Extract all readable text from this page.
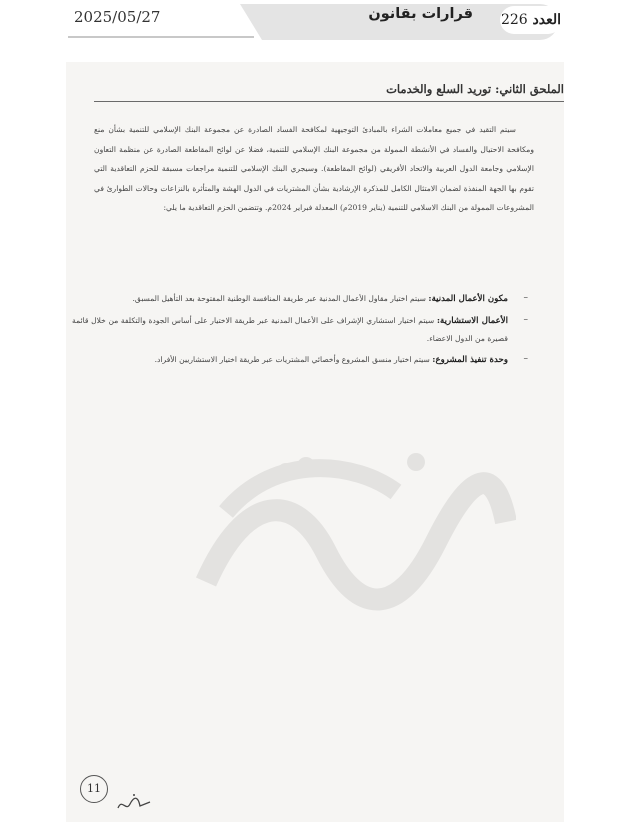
2025/05/27	قرارات بقانون	العدد 226
الملحق الثاني: توريد السلع والخدمات

سيتم التقيد في جميع معاملات الشراء بالمبادئ التوجيهية لمكافحة الفساد الصادرة عن مجموعة البنك الإسلامي للتنمية بشأن منع ومكافحة الاحتيال والفساد في الأنشطة الممولة من مجموعة البنك الإسلامي للتنمية، فضلا عن لوائح المقاطعة الصادرة عن منظمة التعاون الإسلامي وجامعة الدول العربية والاتحاد الأفريقي (لوائح المقاطعة). وسيجري البنك الإسلامي للتنمية مراجعات مسبقة للحزم التعاقدية التي تقوم بها الجهة المنفذة لضمان الامتثال الكامل للمذكرة الإرشادية بشأن المشتريات في الدول الهشة والمتأثرة بالنزاعات وحالات الطوارئ في المشروعات الممولة من البنك الاسلامي للتنمية (يناير 2019م) المعدلة فبراير 2024م. وتتضمن الحزم التعاقدية ما يلي:

–
مكون الأعمال المدنية: سيتم اختيار مقاول الأعمال المدنية عبر طريقة المنافسة الوطنية المفتوحة بعد التأهيل المسبق.
–
الأعمال الاستشارية: سيتم اختيار استشاري الإشراف على الأعمال المدنية عبر طريقة الاختيار على أساس الجودة والتكلفة من خلال قائمة قصيرة من الدول الاعضاء.
–
وحدة تنفيذ المشروع: سيتم اختيار منسق المشروع وأخصائي المشتريات عبر طريقة اختيار الاستشاريين الأفراد.
11
